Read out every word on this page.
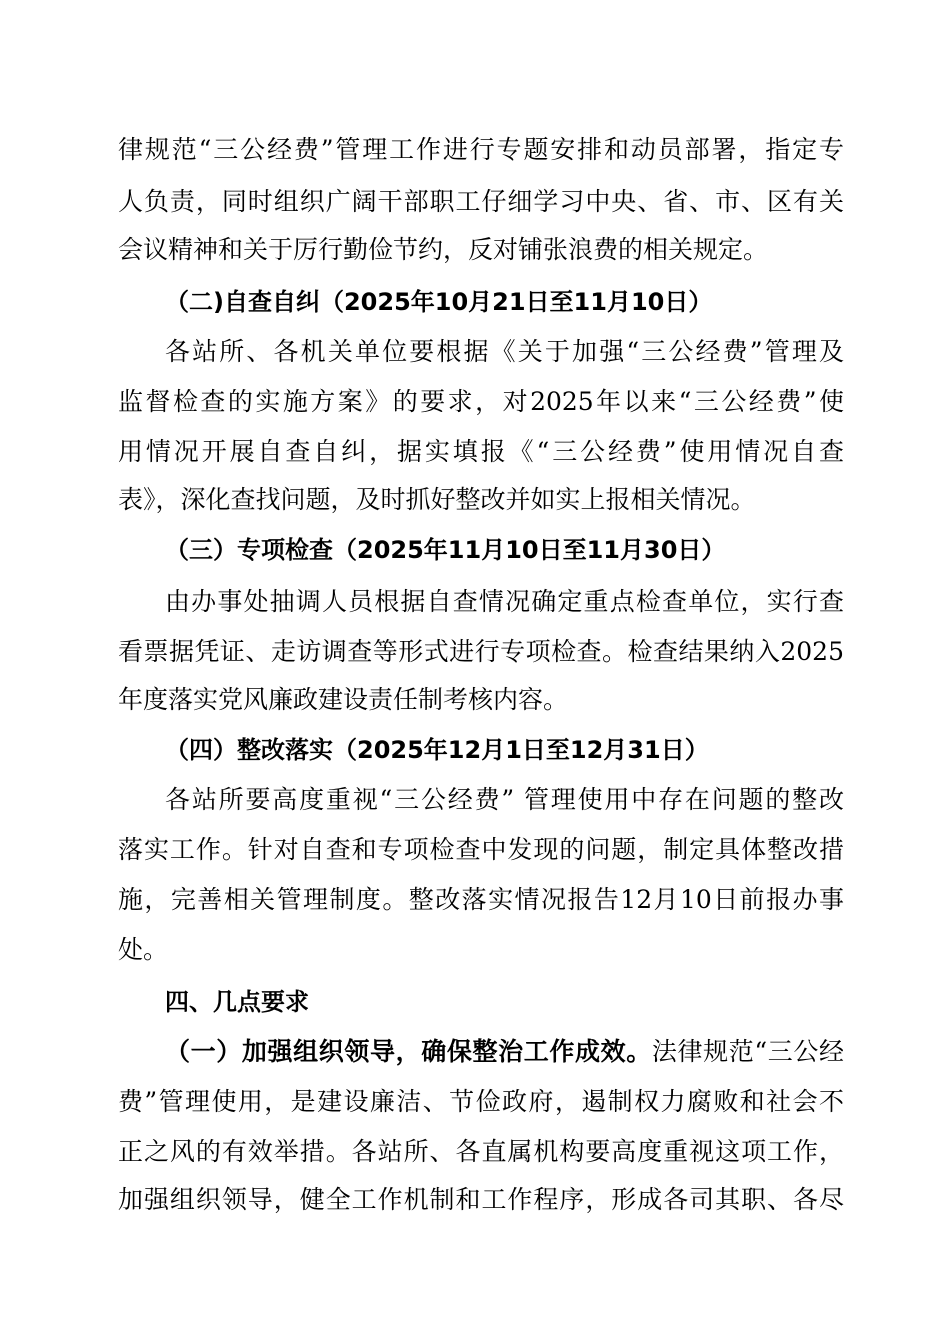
律规范“三公经费”管理工作进行专题安排和动员部署，指定专
人负责，同时组织广阔干部职工仔细学习中央、省、市、区有关
会议精神和关于厉行勤俭节约，反对铺张浪费的相关规定。
（二)自查自纠（2025年10月21日至11月10日）
各站所、各机关单位要根据《关于加强“三公经费”管理及
监督检查的实施方案》的要求，对2025年以来“三公经费”使
用情况开展自查自纠，据实填报《“三公经费”使用情况自查
表》，深化查找问题，及时抓好整改并如实上报相关情况。
（三）专项检查（2025年11月10日至11月30日）
由办事处抽调人员根据自查情况确定重点检查单位，实行查
看票据凭证、走访调查等形式进行专项检查。检查结果纳入2025
年度落实党风廉政建设责任制考核内容。
（四）整改落实（2025年12月1日至12月31日）
各站所要高度重视“三公经费” 管理使用中存在问题的整改
落实工作。针对自查和专项检查中发现的问题，制定具体整改措
施，完善相关管理制度。整改落实情况报告12月10日前报办事
处。
四、几点要求
（一）加强组织领导，确保整治工作成效。法律规范“三公经
费”管理使用，是建设廉洁、节俭政府，遏制权力腐败和社会不
正之风的有效举措。各站所、各直属机构要高度重视这项工作，
加强组织领导，健全工作机制和工作程序，形成各司其职、各尽
